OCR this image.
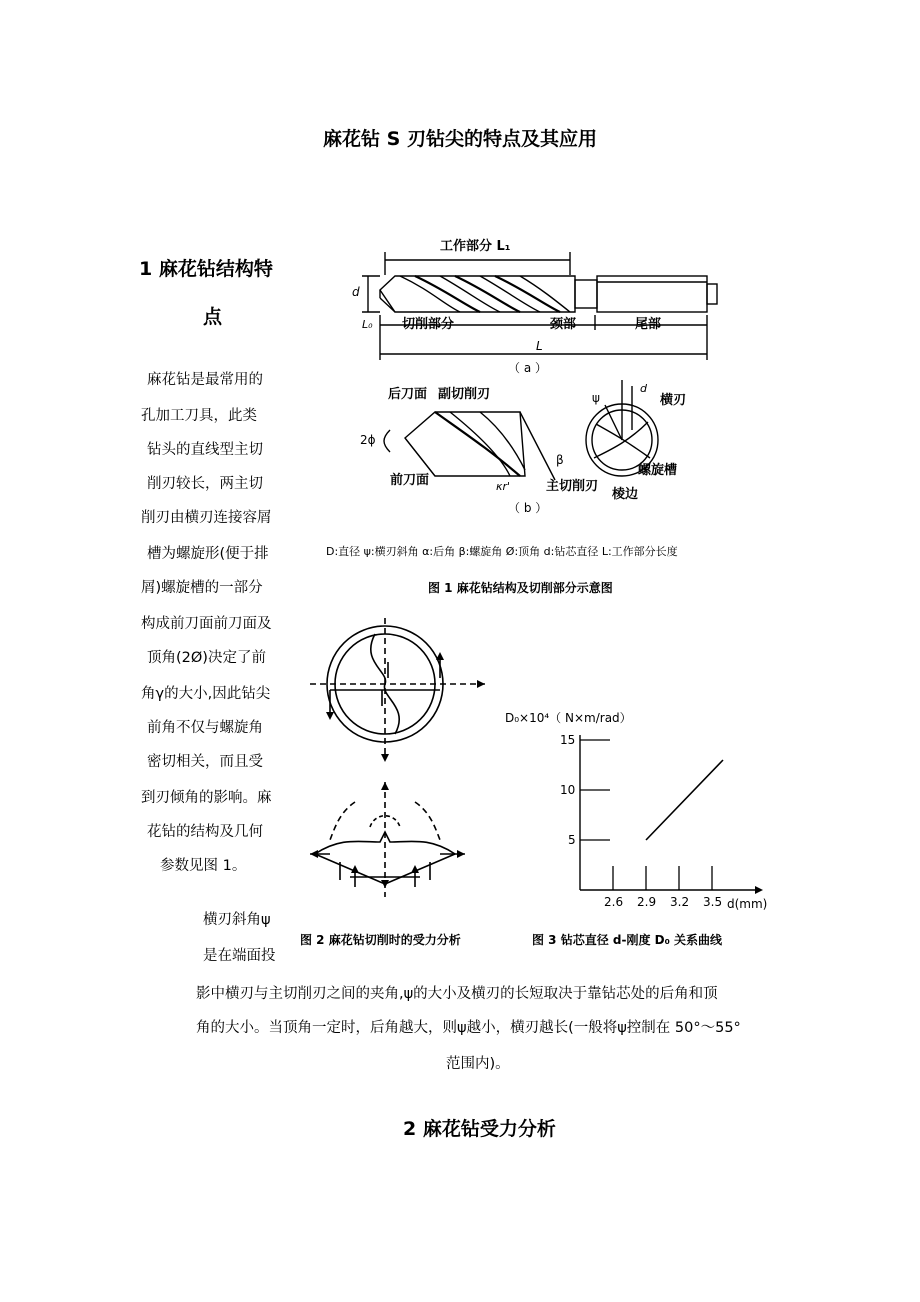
麻花钻 S 刃钻尖的特点及其应用
1 麻花钻结构特
点
麻花钻是最常用的
孔加工刀具，此类
钻头的直线型主切
削刃较长，两主切
削刃由横刃连接容屑
槽为螺旋形(便于排
屑)螺旋槽的一部分
构成前刀面前刀面及
顶角(2Ø)决定了前
角γ的大小,因此钻尖
前角不仅与螺旋角
密切相关，而且受
到刃倾角的影响。麻
花钻的结构及几何
参数见图 1。
横刃斜角ψ
是在端面投
影中横刃与主切削刃之间的夹角,ψ的大小及横刃的长短取决于靠钻芯处的后角和顶
角的大小。当顶角一定时，后角越大，则ψ越小，横刃越长(一般将ψ控制在 50°～55°
范围内)。
2 麻花钻受力分析
工作部分 L₁
d
L₀ 切削部分	颈部	尾部
L
（ a ）
后刀面 副切削刃
2ϕ
前刀面	κr'
β
主切削刃
ψ
d
横刃
螺旋槽
棱边
（ b ）
D:直径 ψ:横刃斜角 α:后角 β:螺旋角 Ø:顶角 d:钻芯直径 L:工作部分长度
图 1 麻花钻结构及切削部分示意图
图 2 麻花钻切削时的受力分析
D₀×10⁴（ N×m/rad）
d(mm)
2.6 2.9 3.2 3.5
5
10
15
图 3 钻芯直径 d-刚度 D₀ 关系曲线
